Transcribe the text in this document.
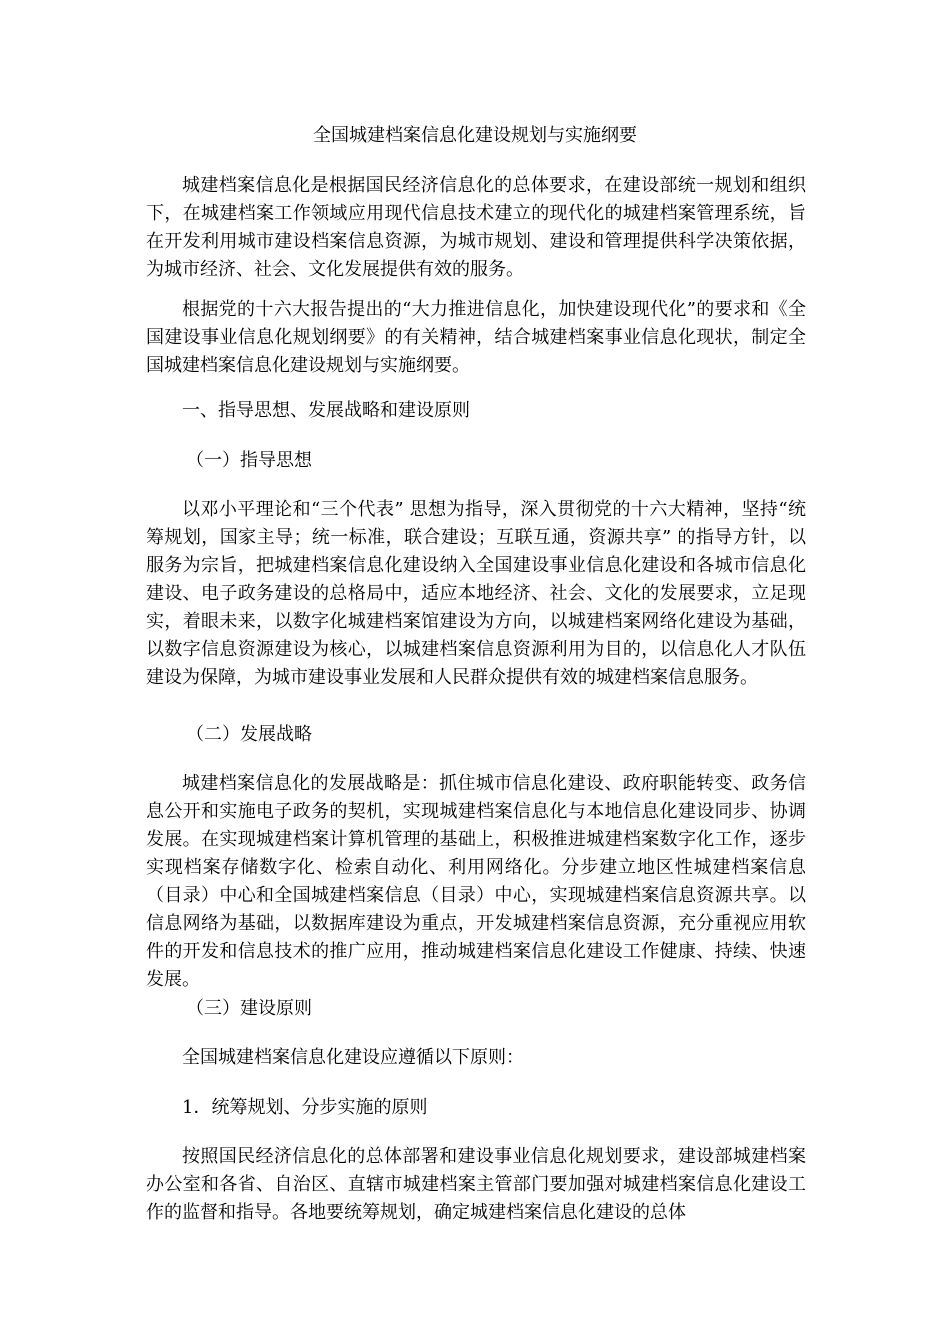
全国城建档案信息化建设规划与实施纲要

城建档案信息化是根据国民经济信息化的总体要求，在建设部统一规划和组织下，在城建档案工作领域应用现代信息技术建立的现代化的城建档案管理系统，旨在开发利用城市建设档案信息资源，为城市规划、建设和管理提供科学决策依据，为城市经济、社会、文化发展提供有效的服务。

根据党的十六大报告提出的“大力推进信息化，加快建设现代化”的要求和《全国建设事业信息化规划纲要》的有关精神，结合城建档案事业信息化现状，制定全国城建档案信息化建设规划与实施纲要。

一、指导思想、发展战略和建设原则
（一）指导思想

以邓小平理论和“三个代表” 思想为指导，深入贯彻党的十六大精神，坚持“统筹规划，国家主导；统一标准，联合建设；互联互通，资源共享” 的指导方针，以服务为宗旨，把城建档案信息化建设纳入全国建设事业信息化建设和各城市信息化建设、电子政务建设的总格局中，适应本地经济、社会、文化的发展要求，立足现实，着眼未来，以数字化城建档案馆建设为方向，以城建档案网络化建设为基础，以数字信息资源建设为核心，以城建档案信息资源利用为目的，以信息化人才队伍建设为保障，为城市建设事业发展和人民群众提供有效的城建档案信息服务。

（二）发展战略

城建档案信息化的发展战略是：抓住城市信息化建设、政府职能转变、政务信息公开和实施电子政务的契机，实现城建档案信息化与本地信息化建设同步、协调发展。在实现城建档案计算机管理的基础上，积极推进城建档案数字化工作，逐步实现档案存储数字化、检索自动化、利用网络化。分步建立地区性城建档案信息（目录）中心和全国城建档案信息（目录）中心，实现城建档案信息资源共享。以信息网络为基础，以数据库建设为重点，开发城建档案信息资源，充分重视应用软件的开发和信息技术的推广应用，推动城建档案信息化建设工作健康、持续、快速发展。

（三）建设原则

全国城建档案信息化建设应遵循以下原则：

1．统筹规划、分步实施的原则

按照国民经济信息化的总体部署和建设事业信息化规划要求，建设部城建档案办公室和各省、自治区、直辖市城建档案主管部门要加强对城建档案信息化建设工作的监督和指导。各地要统筹规划，确定城建档案信息化建设的总体
